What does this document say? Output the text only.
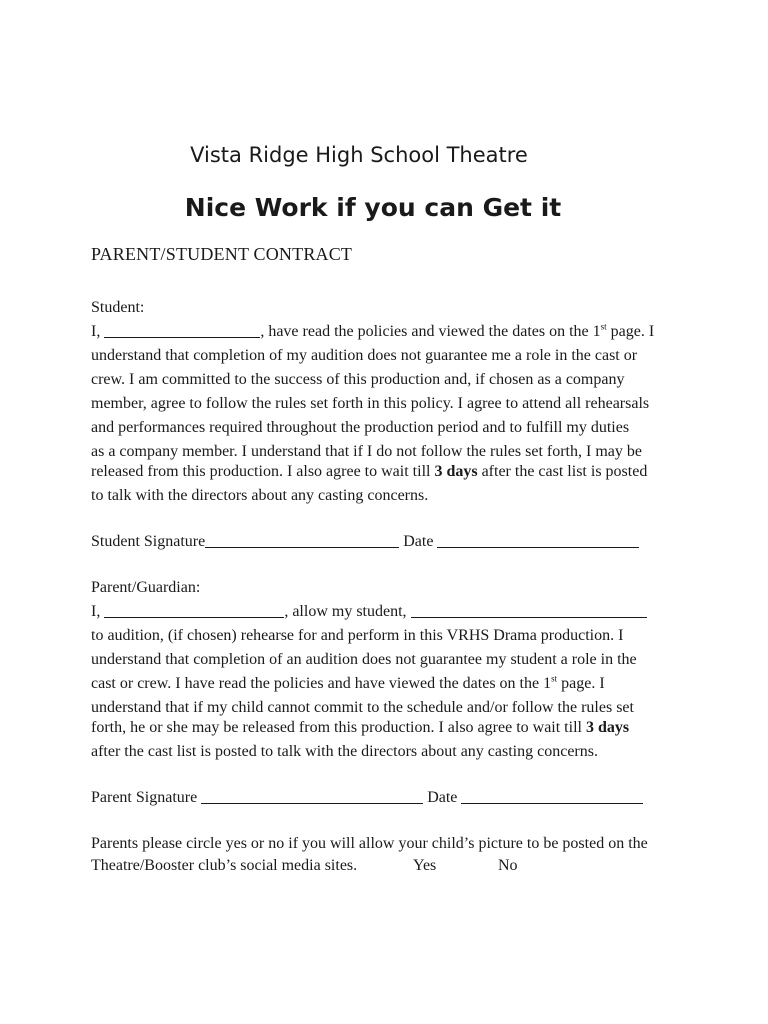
Vista Ridge High School Theatre
Nice Work if you can Get it
PARENT/STUDENT CONTRACT
Student:
I,	, have read the policies and viewed the dates on the 1st page. I
understand that completion of my audition does not guarantee me a role in the cast or
crew. I am committed to the success of this production and, if chosen as a company
member, agree to follow the rules set forth in this policy. I agree to attend all rehearsals
and performances required throughout the production period and to fulfill my duties
as a company member. I understand that if I do not follow the rules set forth, I may be
released from this production. I also agree to wait till 3 days after the cast list is posted
to talk with the directors about any casting concerns.
Student Signature	Date
Parent/Guardian:
I,	, allow my student,
to audition, (if chosen) rehearse for and perform in this VRHS Drama production. I
understand that completion of an audition does not guarantee my student a role in the
cast or crew. I have read the policies and have viewed the dates on the 1st page. I
understand that if my child cannot commit to the schedule and/or follow the rules set
forth, he or she may be released from this production. I also agree to wait till 3 days
after the cast list is posted to talk with the directors about any casting concerns.
Parent Signature	Date
Parents please circle yes or no if you will allow your child’s picture to be posted on the
Theatre/Booster club’s social media sites.	Yes	No
